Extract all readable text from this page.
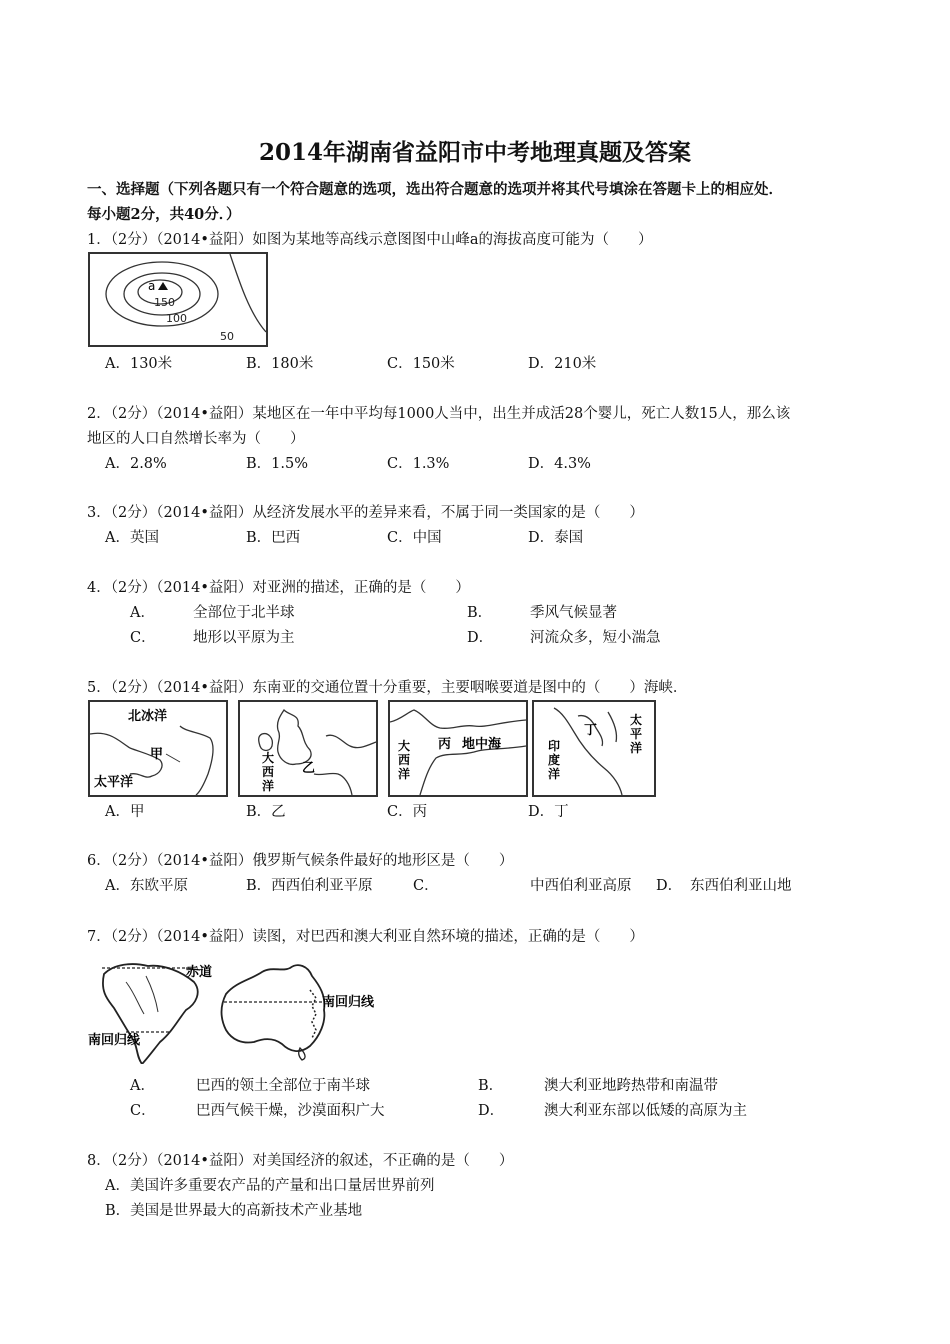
2014年湖南省益阳市中考地理真题及答案
一、选择题（下列各题只有一个符合题意的选项，选出符合题意的选项并将其代号填涂在答题卡上的相应处．
每小题2分，共40分．）
1．（2分）（2014•益阳）如图为某地等高线示意图图中山峰a的海拔高度可能为（　　）
a
150
100
50
A．130米	B．180米	C．150米	D．210米
2．（2分）（2014•益阳）某地区在一年中平均每1000人当中，出生并成活28个婴儿，死亡人数15人，那么该
地区的人口自然增长率为（　　）
A．2.8%	B．1.5%	C．1.3%	D．4.3%
3．（2分）（2014•益阳）从经济发展水平的差异来看，不属于同一类国家的是（　　）
A．英国	B．巴西	C．中国	D．泰国
4．（2分）（2014•益阳）对亚洲的描述，正确的是（　　）
A．	全部位于北半球	B．	季风气候显著
C．	地形以平原为主	D．	河流众多，短小湍急
5．（2分）（2014•益阳）东南亚的交通位置十分重要，主要咽喉要道是图中的（　　）海峡．
北冰洋
甲
太平洋
乙
大
西
洋
大
西
洋
丙 地中海
丁
太
平
洋
印
度
洋
A．甲	B．乙	C．丙	D．丁
6．（2分）（2014•益阳）俄罗斯气候条件最好的地形区是（　　）
A．东欧平原	B．西西伯利亚平原	C．	中西伯利亚高原 D． 东西伯利亚山地
7．（2分）（2014•益阳）读图，对巴西和澳大利亚自然环境的描述，正确的是（　　）
赤道
南回归线
南回归线
A．	巴西的领土全部位于南半球	B．	澳大利亚地跨热带和南温带
C．	巴西气候干燥，沙漠面积广大	D．	澳大利亚东部以低矮的高原为主
8．（2分）（2014•益阳）对美国经济的叙述，不正确的是（　　）
A．美国许多重要农产品的产量和出口量居世界前列
B．美国是世界最大的高新技术产业基地
